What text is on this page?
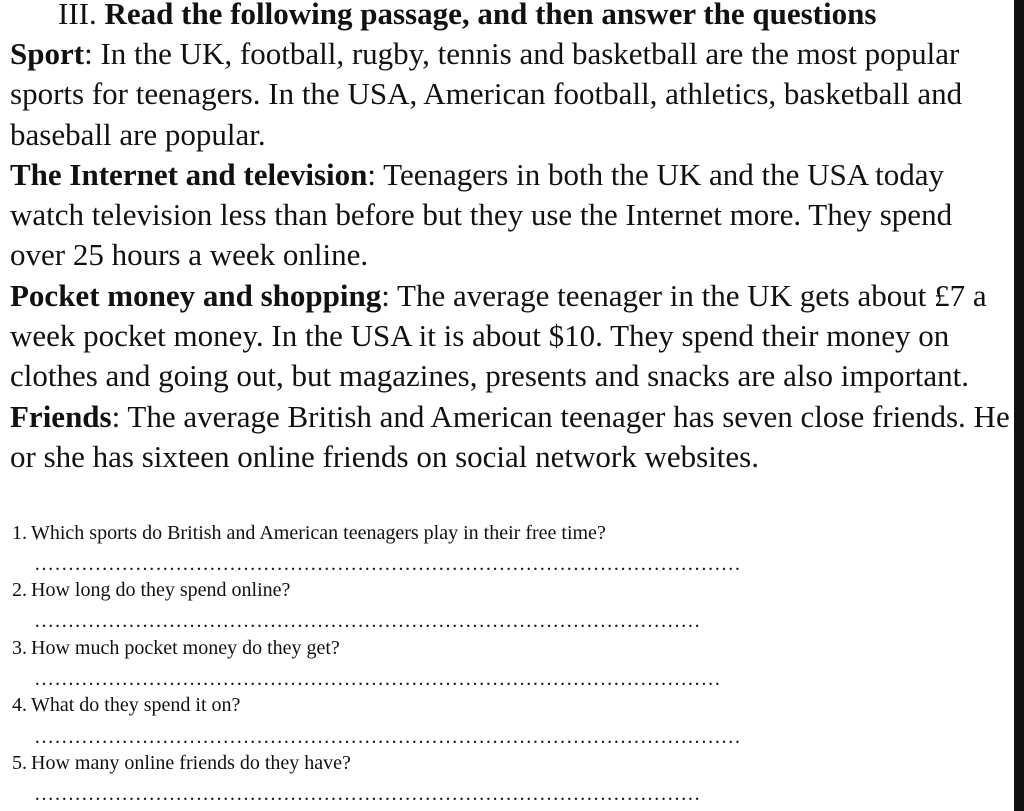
III. Read the following passage, and then answer the questions

Sport: In the UK, football, rugby, tennis and basketball are the most popular sports for teenagers. In the USA, American football, athletics, basketball and baseball are popular.

The Internet and television: Teenagers in both the UK and the USA today watch television less than before but they use the Internet more. They spend over 25 hours a week online.

Pocket money and shopping: The average teenager in the UK gets about £7 a week pocket money. In the USA it is about $10. They spend their money on clothes and going out, but magazines, presents and snacks are also important.

Friends: The average British and American teenager has seven close friends. He or she has sixteen online friends on social network websites.

1. Which sports do British and American teenagers play in their free time?
……………………………………………………………………………………………
2. How long do they spend online?
………………………………………………………………………………………
3. How much pocket money do they get?
…………………………………………………………………………………………
4. What do they spend it on?
……………………………………………………………………………………………
5. How many online friends do they have?
………………………………………………………………………………………
